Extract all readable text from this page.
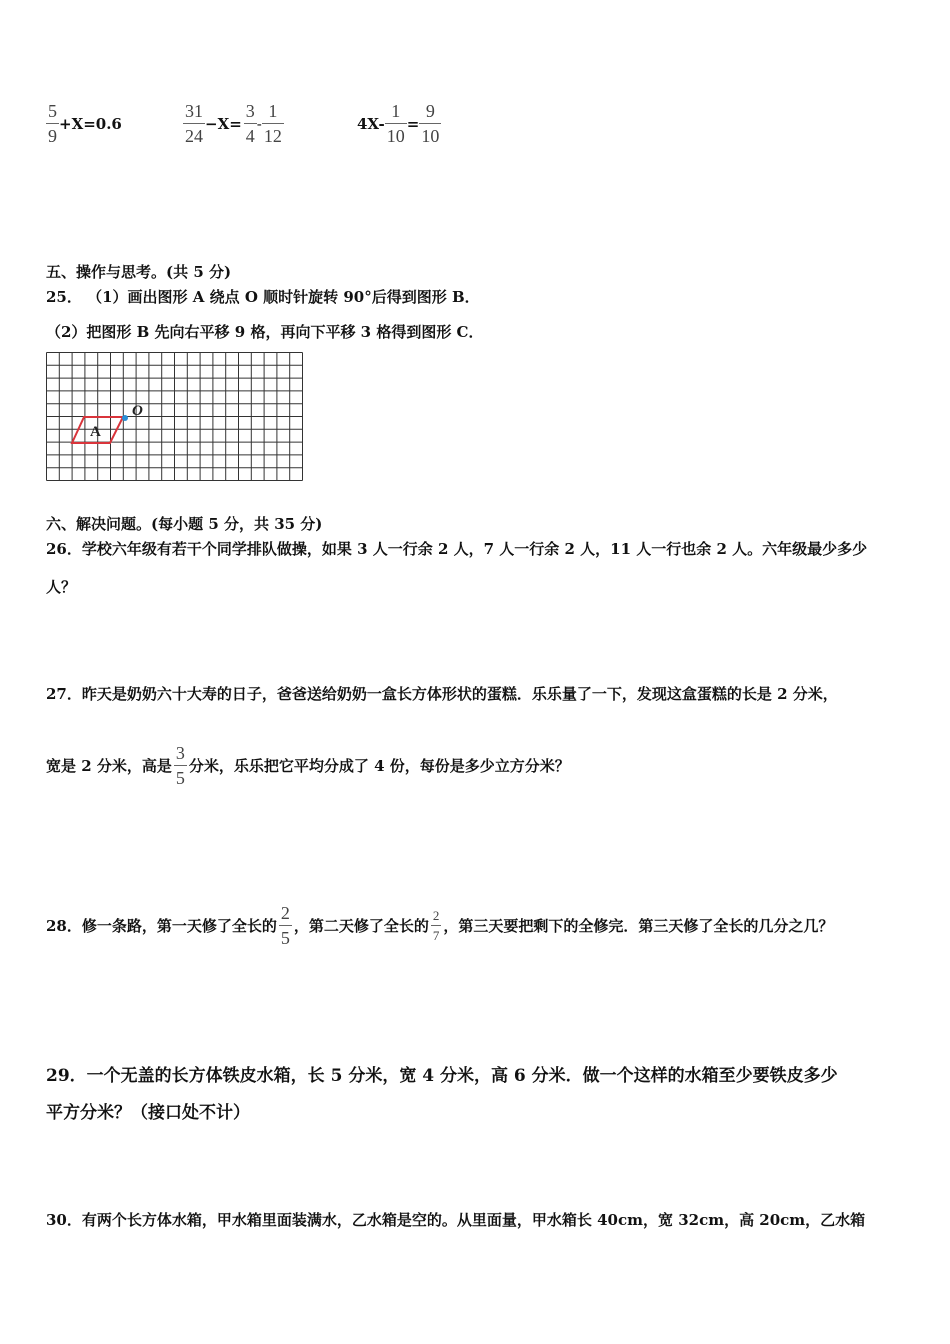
$\frac{5}{9} +X=0.6$	$\frac{31}{24} -X= \frac{3}{4} - \frac{1}{12}$	$4X- \frac{1}{10} = \frac{9}{10}$
五、操作与思考。(共 5 分)
25． （1）画出图形 A 绕点 O 顺时针旋转 90°后得到图形 B．
（2）把图形 B 先向右平移 9 格，再向下平移 3 格得到图形 C．
A
O
六、解决问题。(每小题 5 分，共 35 分)
26．学校六年级有若干个同学排队做操，如果 3 人一行余 2 人，7 人一行余 2 人，11 人一行也余 2 人。六年级最少多少
人？
27．昨天是奶奶六十大寿的日子，爸爸送给奶奶一盒长方体形状的蛋糕．乐乐量了一下，发现这盒蛋糕的长是 2 分米，
宽是 2 分米，高是 $\frac{3}{5}$ 分米，乐乐把它平均分成了 4 份，每份是多少立方分米？
28．修一条路，第一天修了全长的 $\frac{2}{5}$ ，第二天修了全长的 $\frac{2}{7}$ ，第三天要把剩下的全修完．第三天修了全长的几分之几？
29．一个无盖的长方体铁皮水箱，长 5 分米，宽 4 分米，高 6 分米．做一个这样的水箱至少要铁皮多少
平方分米？（接口处不计）
30．有两个长方体水箱，甲水箱里面装满水，乙水箱是空的。从里面量，甲水箱长 40cm，宽 32cm，高 20cm，乙水箱
